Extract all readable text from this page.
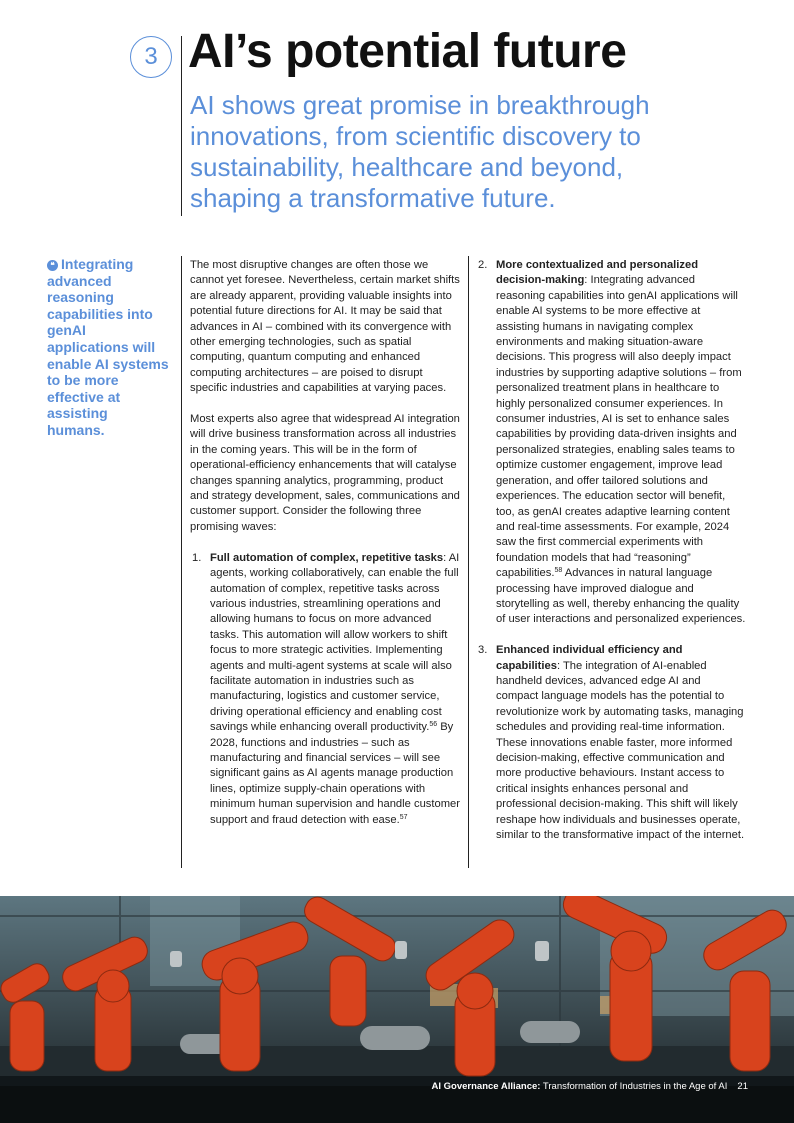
3 AI’s potential future

AI shows great promise in breakthrough innovations, from scientific discovery to sustainability, healthcare and beyond, shaping a transformative future.

❝ Integrating advanced reasoning capabilities into genAI applications will enable AI systems to be more effective at assisting humans.

The most disruptive changes are often those we cannot yet foresee. Nevertheless, certain market shifts are already apparent, providing valuable insights into potential future directions for AI. It may be said that advances in AI – combined with its convergence with other emerging technologies, such as spatial computing, quantum computing and enhanced computing architectures – are poised to disrupt specific industries and capabilities at varying paces.

Most experts also agree that widespread AI integration will drive business transformation across all industries in the coming years. This will be in the form of operational-efficiency enhancements that will catalyse changes spanning analytics, programming, product and strategy development, sales, communications and customer support. Consider the following three promising waves:

1. Full automation of complex, repetitive tasks: AI agents, working collaboratively, can enable the full automation of complex, repetitive tasks across various industries, streamlining operations and allowing humans to focus on more advanced tasks. This automation will allow workers to shift focus to more strategic activities. Implementing agents and multi-agent systems at scale will also facilitate automation in industries such as manufacturing, logistics and customer service, driving operational efficiency and enabling cost savings while enhancing overall productivity.$^{56}$ By 2028, functions and industries – such as manufacturing and financial services – will see significant gains as AI agents manage production lines, optimize supply-chain operations with minimum human supervision and handle customer support and fraud detection with ease.$^{57}$
2. More contextualized and personalized decision-making: Integrating advanced reasoning capabilities into genAI applications will enable AI systems to be more effective at assisting humans in navigating complex environments and making situation-aware decisions. This progress will also deeply impact industries by supporting adaptive solutions – from personalized treatment plans in healthcare to highly personalized consumer experiences. In consumer industries, AI is set to enhance sales capabilities by providing data-driven insights and personalized strategies, enabling sales teams to optimize customer engagement, improve lead generation, and offer tailored solutions and experiences. The education sector will benefit, too, as genAI creates adaptive learning content and real-time assessments. For example, 2024 saw the first commercial experiments with foundation models that had “reasoning” capabilities.$^{58}$ Advances in natural language processing have improved dialogue and storytelling as well, thereby enhancing the quality of user interactions and personalized experiences.
3. Enhanced individual efficiency and capabilities: The integration of AI-enabled handheld devices, advanced edge AI and compact language models has the potential to revolutionize work by automating tasks, managing schedules and providing real-time information. These innovations enable faster, more informed decision-making, effective communication and more productive behaviours. Instant access to critical insights enhances personal and professional decision-making. This shift will likely reshape how individuals and businesses operate, similar to the transformative impact of the internet.
AI Governance Alliance: Transformation of Industries in the Age of AI 21
